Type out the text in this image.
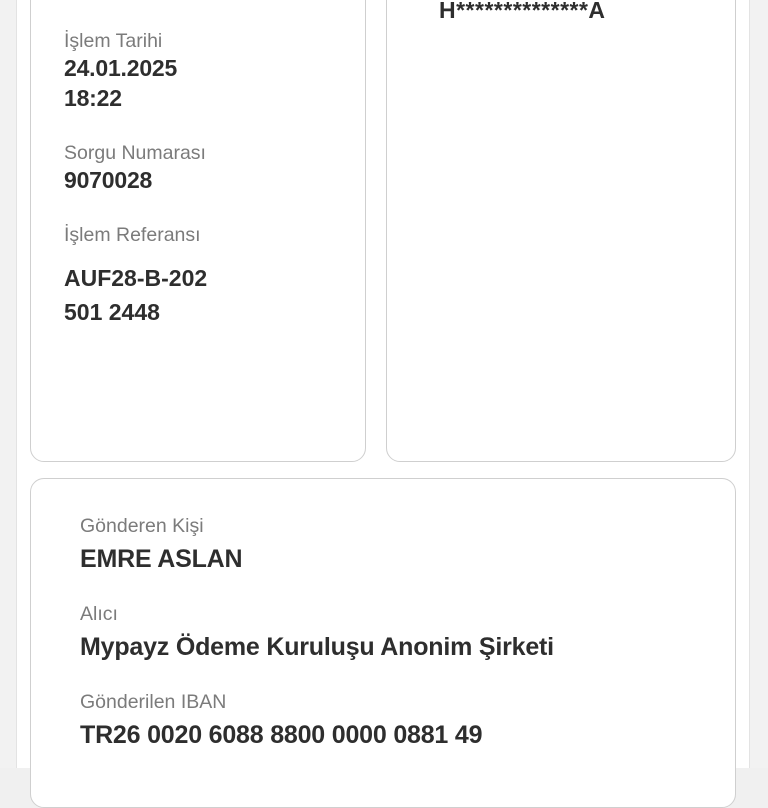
İşlem Tarihi
24.01.2025
18:22
Sorgu Numarası
9070028
İşlem Referansı
AUF28-B-202501 2448
H**************A
Gönderen Kişi
EMRE ASLAN
Alıcı
Mypayz Ödeme Kuruluşu Anonim Şirketi
Gönderilen IBAN
TR26 0020 6088 8800 0000 0881 49
